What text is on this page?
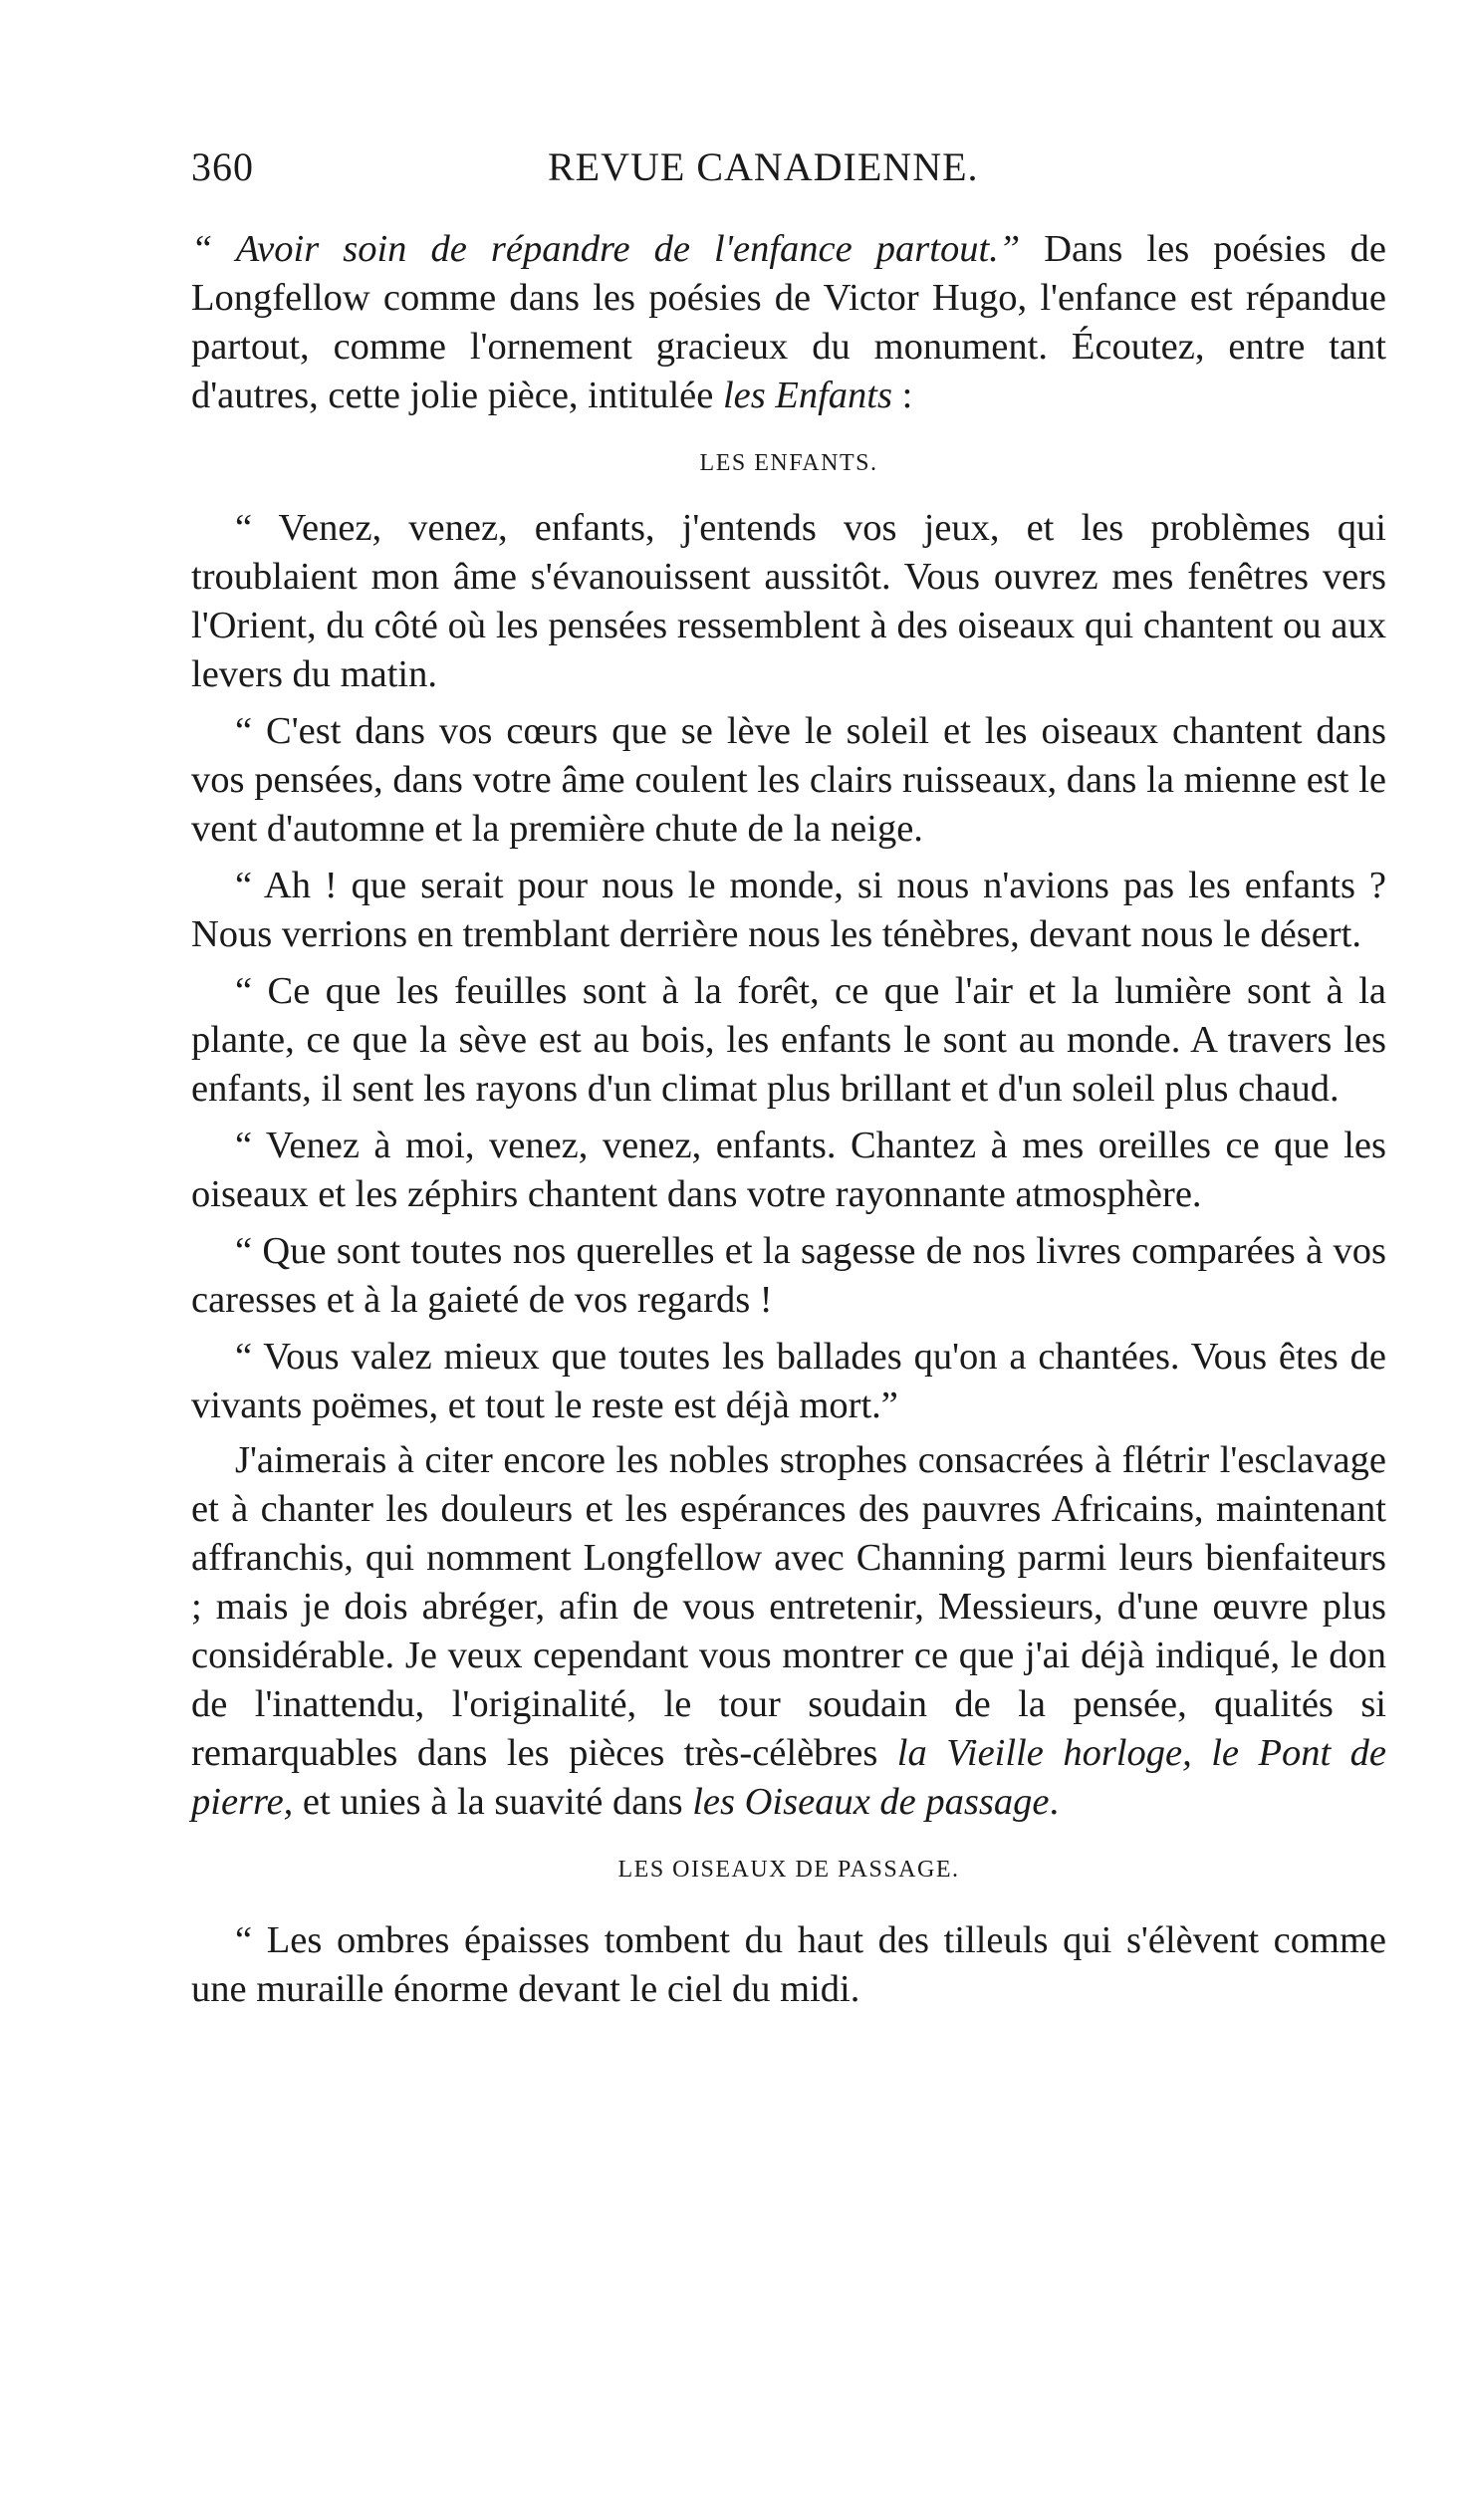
360	REVUE CANADIENNE.

“ Avoir soin de répandre de l'enfance partout.” Dans les poésies de Longfellow comme dans les poésies de Victor Hugo, l'enfance est répandue partout, comme l'ornement gracieux du monument. Écoutez, entre tant d'autres, cette jolie pièce, intitulée les Enfants :

LES ENFANTS.

“ Venez, venez, enfants, j'entends vos jeux, et les problèmes qui troublaient mon âme s'évanouissent aussitôt. Vous ouvrez mes fenêtres vers l'Orient, du côté où les pensées ressemblent à des oiseaux qui chantent ou aux levers du matin.

“ C'est dans vos cœurs que se lève le soleil et les oiseaux chantent dans vos pensées, dans votre âme coulent les clairs ruisseaux, dans la mienne est le vent d'automne et la première chute de la neige.

“ Ah ! que serait pour nous le monde, si nous n'avions pas les enfants ? Nous verrions en tremblant derrière nous les ténèbres, devant nous le désert.

“ Ce que les feuilles sont à la forêt, ce que l'air et la lumière sont à la plante, ce que la sève est au bois, les enfants le sont au monde. A travers les enfants, il sent les rayons d'un climat plus brillant et d'un soleil plus chaud.

“ Venez à moi, venez, venez, enfants. Chantez à mes oreilles ce que les oiseaux et les zéphirs chantent dans votre rayonnante atmosphère.

“ Que sont toutes nos querelles et la sagesse de nos livres comparées à vos caresses et à la gaieté de vos regards !

“ Vous valez mieux que toutes les ballades qu'on a chantées. Vous êtes de vivants poëmes, et tout le reste est déjà mort.”

J'aimerais à citer encore les nobles strophes consacrées à flétrir l'esclavage et à chanter les douleurs et les espérances des pauvres Africains, maintenant affranchis, qui nomment Longfellow avec Channing parmi leurs bienfaiteurs ; mais je dois abréger, afin de vous entretenir, Messieurs, d'une œuvre plus considérable. Je veux cependant vous montrer ce que j'ai déjà indiqué, le don de l'inattendu, l'originalité, le tour soudain de la pensée, qualités si remarquables dans les pièces très-célèbres la Vieille horloge, le Pont de pierre, et unies à la suavité dans les Oiseaux de passage.

LES OISEAUX DE PASSAGE.

“ Les ombres épaisses tombent du haut des tilleuls qui s'élèvent comme une muraille énorme devant le ciel du midi.
